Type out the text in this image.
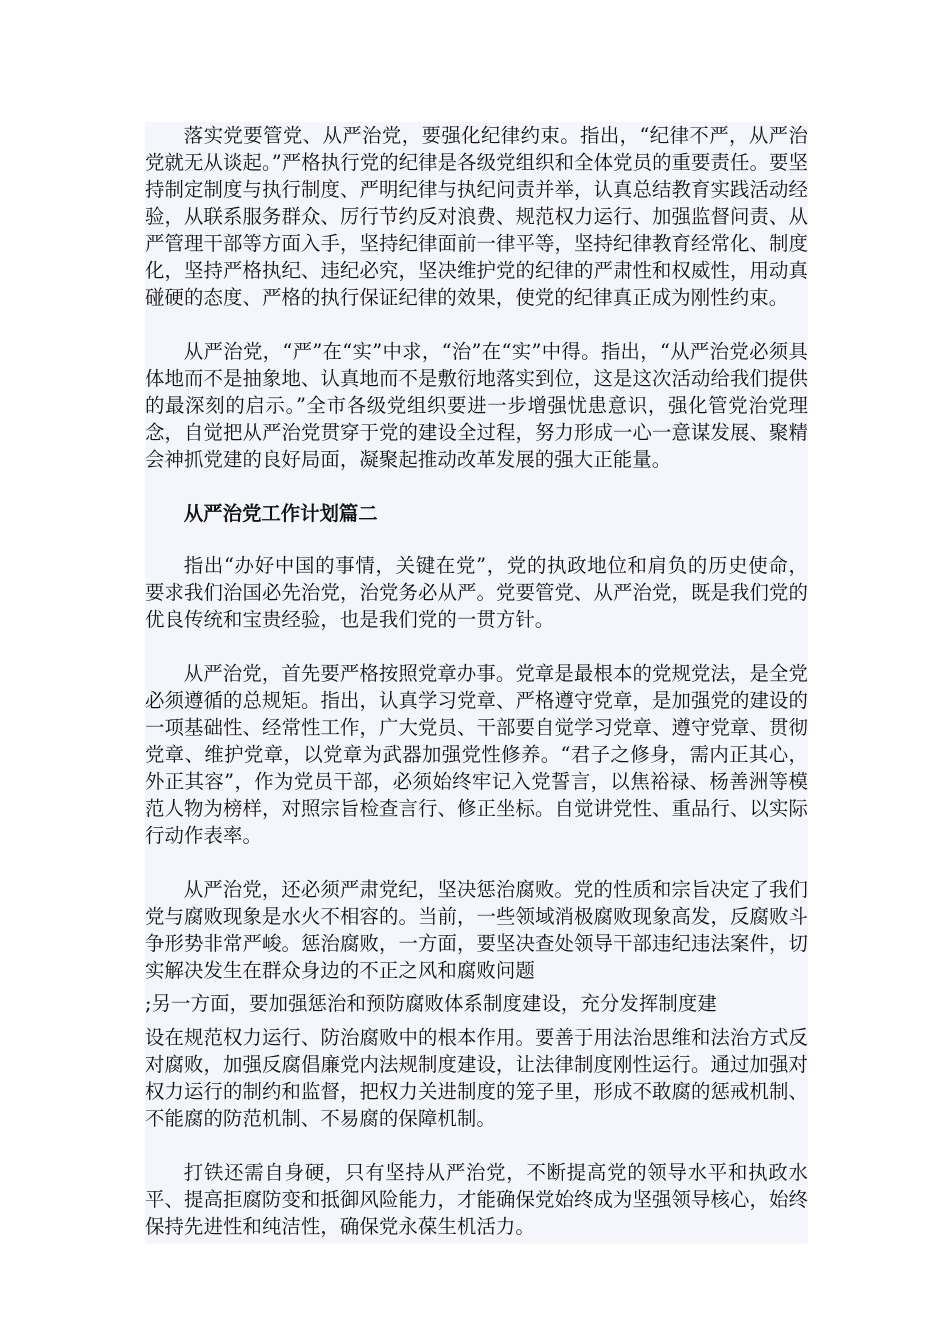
落实党要管党、从严治党，要强化纪律约束。指出，“纪律不严，从严治党就无从谈起。”严格执行党的纪律是各级党组织和全体党员的重要责任。要坚持制定制度与执行制度、严明纪律与执纪问责并举，认真总结教育实践活动经验，从联系服务群众、厉行节约反对浪费、规范权力运行、加强监督问责、从严管理干部等方面入手，坚持纪律面前一律平等，坚持纪律教育经常化、制度化，坚持严格执纪、违纪必究，坚决维护党的纪律的严肃性和权威性，用动真碰硬的态度、严格的执行保证纪律的效果，使党的纪律真正成为刚性约束。

从严治党，“严”在“实”中求，“治”在“实”中得。指出，“从严治党必须具体地而不是抽象地、认真地而不是敷衍地落实到位，这是这次活动给我们提供的最深刻的启示。”全市各级党组织要进一步增强忧患意识，强化管党治党理念，自觉把从严治党贯穿于党的建设全过程，努力形成一心一意谋发展、聚精会神抓党建的良好局面，凝聚起推动改革发展的强大正能量。

从严治党工作计划篇二

指出“办好中国的事情，关键在党”，党的执政地位和肩负的历史使命，要求我们治国必先治党，治党务必从严。党要管党、从严治党，既是我们党的优良传统和宝贵经验，也是我们党的一贯方针。

从严治党，首先要严格按照党章办事。党章是最根本的党规党法，是全党必须遵循的总规矩。指出，认真学习党章、严格遵守党章，是加强党的建设的一项基础性、经常性工作，广大党员、干部要自觉学习党章、遵守党章、贯彻党章、维护党章，以党章为武器加强党性修养。“君子之修身，需内正其心，外正其容”，作为党员干部，必须始终牢记入党誓言，以焦裕禄、杨善洲等模范人物为榜样，对照宗旨检查言行、修正坐标。自觉讲党性、重品行、以实际行动作表率。

从严治党，还必须严肃党纪，坚决惩治腐败。党的性质和宗旨决定了我们党与腐败现象是水火不相容的。当前，一些领域消极腐败现象高发，反腐败斗争形势非常严峻。惩治腐败，一方面，要坚决查处领导干部违纪违法案件，切实解决发生在群众身边的不正之风和腐败问题

;另一方面，要加强惩治和预防腐败体系制度建设，充分发挥制度建

设在规范权力运行、防治腐败中的根本作用。要善于用法治思维和法治方式反对腐败，加强反腐倡廉党内法规制度建设，让法律制度刚性运行。通过加强对权力运行的制约和监督，把权力关进制度的笼子里，形成不敢腐的惩戒机制、不能腐的防范机制、不易腐的保障机制。

打铁还需自身硬，只有坚持从严治党，不断提高党的领导水平和执政水平、提高拒腐防变和抵御风险能力，才能确保党始终成为坚强领导核心，始终保持先进性和纯洁性，确保党永葆生机活力。
